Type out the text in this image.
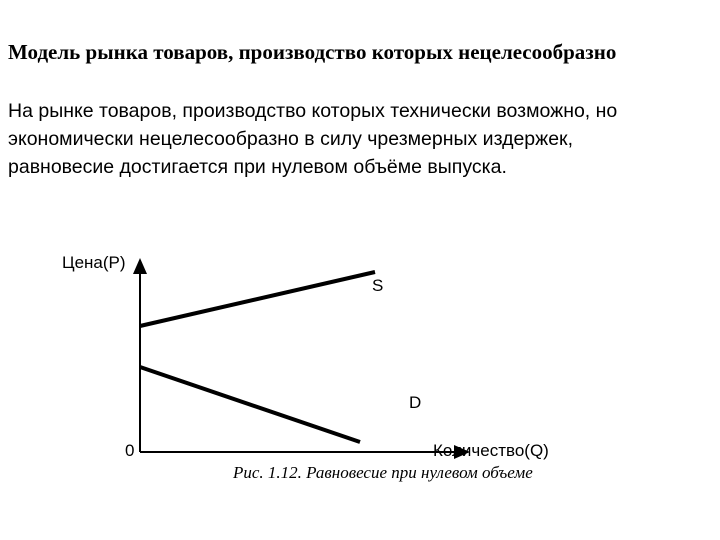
Модель рынка товаров, производство которых нецелесообразно
На рынке товаров, производство которых технически возможно, но
экономически нецелесообразно в силу чрезмерных издержек,
равновесие достигается при нулевом объёме выпуска.
Цена(Р)
Количество(Q)
0
S
D
Рис. 1.12. Равновесие при нулевом объеме
